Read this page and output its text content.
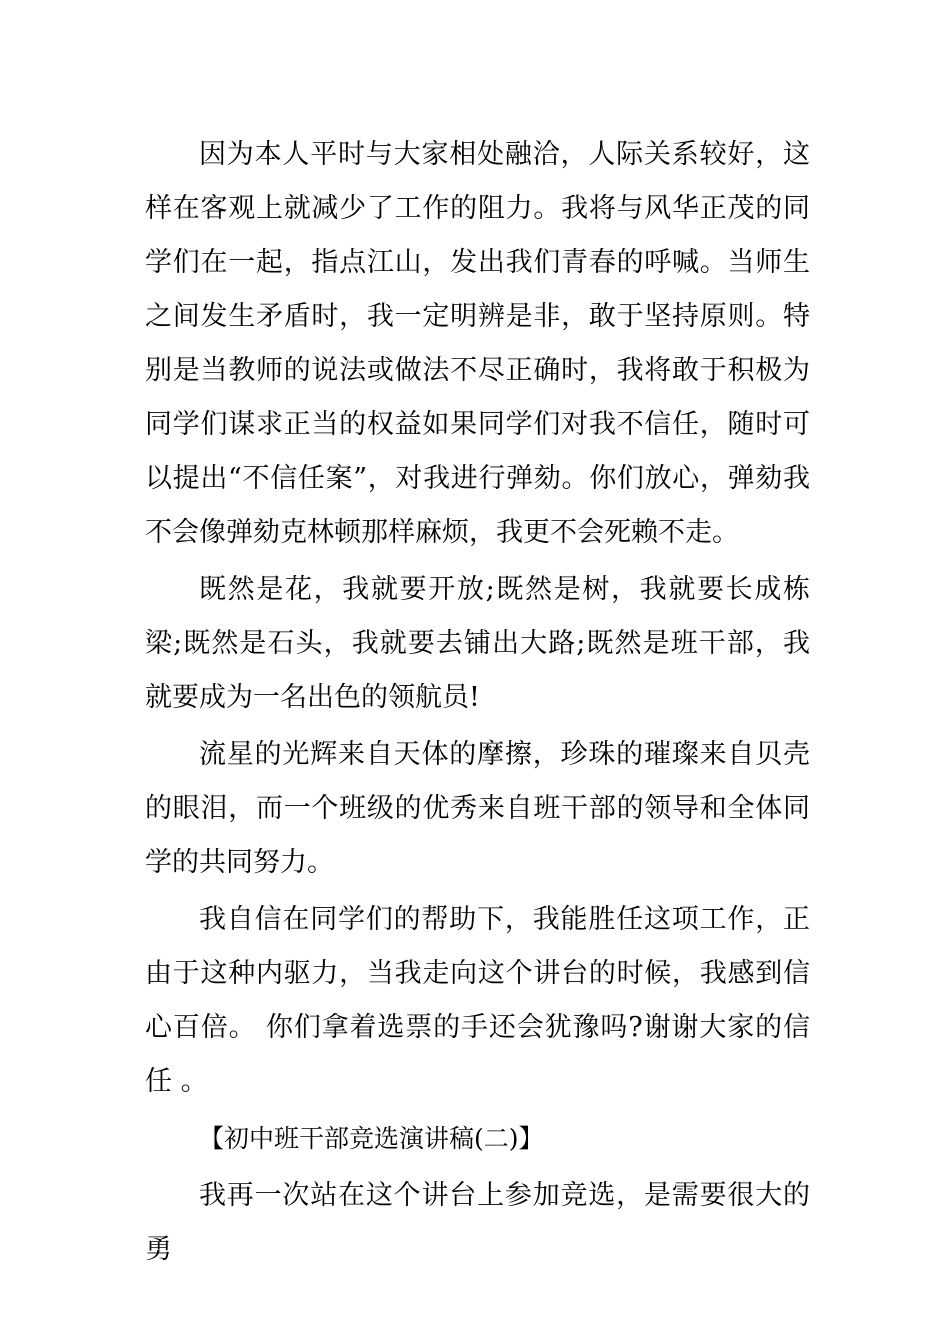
因为本人平时与大家相处融洽，人际关系较好，这样在客观上就减少了工作的阻力。我将与风华正茂的同学们在一起，指点江山，发出我们青春的呼喊。当师生之间发生矛盾时，我一定明辨是非，敢于坚持原则。特别是当教师的说法或做法不尽正确时，我将敢于积极为同学们谋求正当的权益如果同学们对我不信任，随时可以提出“不信任案”，对我进行弹劾。你们放心，弹劾我不会像弹劾克林顿那样麻烦，我更不会死赖不走。

既然是花，我就要开放;既然是树，我就要长成栋梁;既然是石头，我就要去铺出大路;既然是班干部，我就要成为一名出色的领航员!

流星的光辉来自天体的摩擦，珍珠的璀璨来自贝壳的眼泪，而一个班级的优秀来自班干部的领导和全体同学的共同努力。

我自信在同学们的帮助下，我能胜任这项工作，正由于这种内驱力，当我走向这个讲台的时候，我感到信心百倍。 你们拿着选票的手还会犹豫吗?谢谢大家的信任 。

【初中班干部竞选演讲稿(二)】

我再一次站在这个讲台上参加竞选，是需要很大的勇
